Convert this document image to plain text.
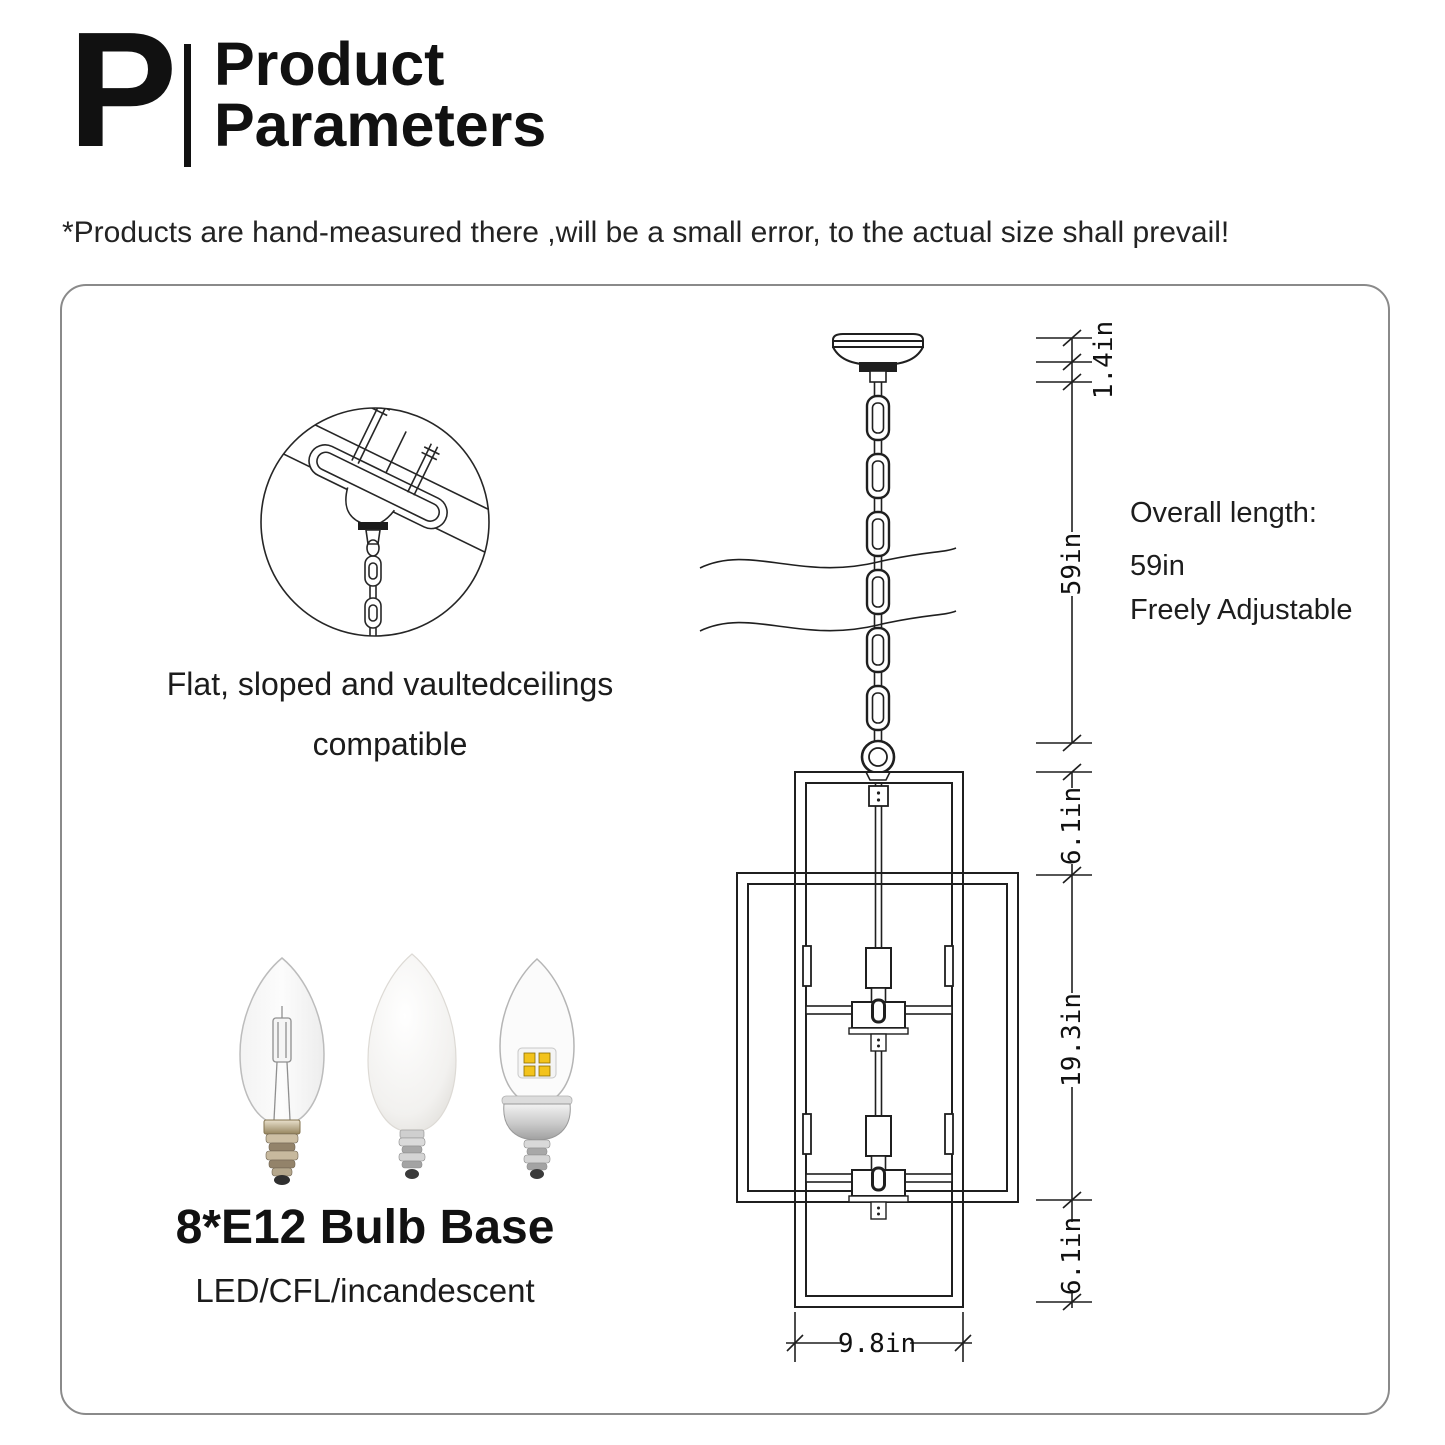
P Product
Parameters
*Products are hand-measured there ,will be a small error, to the actual size shall prevail!
Flat, sloped and vaultedceilings
compatible
8*E12 Bulb Base
LED/CFL/incandescent
1.4in
59in
6.1in
19.3in
6.1in
9.8in
Overall length:
59in
Freely Adjustable
